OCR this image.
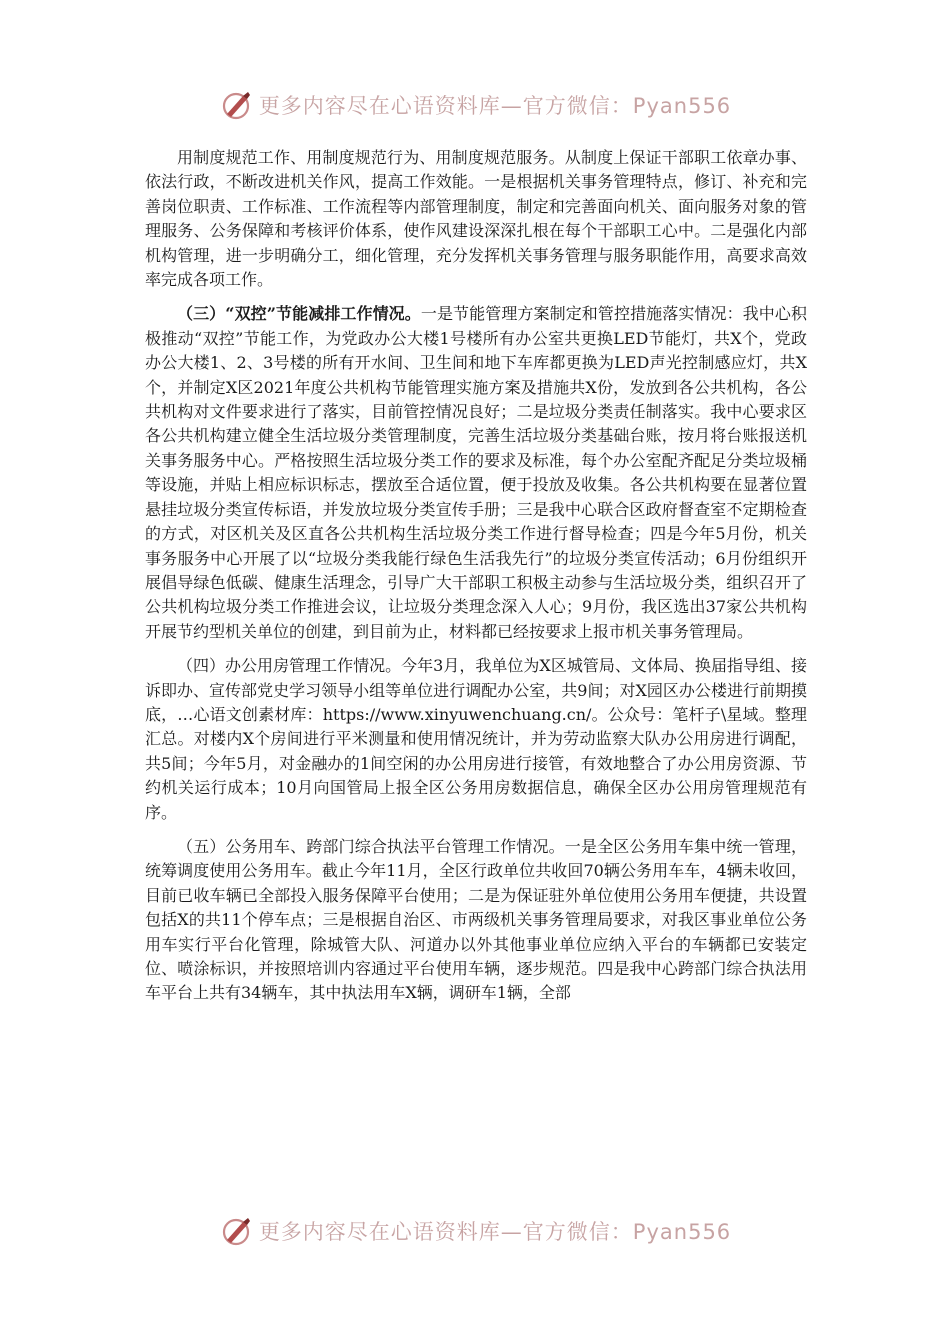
更多内容尽在心语资料库—官方微信：Pyan556

用制度规范工作、用制度规范行为、用制度规范服务。从制度上保证干部职工依章办事、依法行政，不断改进机关作风，提高工作效能。一是根据机关事务管理特点，修订、补充和完善岗位职责、工作标准、工作流程等内部管理制度，制定和完善面向机关、面向服务对象的管理服务、公务保障和考核评价体系，使作风建设深深扎根在每个干部职工心中。二是强化内部机构管理，进一步明确分工，细化管理，充分发挥机关事务管理与服务职能作用，高要求高效率完成各项工作。

（三）“双控”节能减排工作情况。一是节能管理方案制定和管控措施落实情况：我中心积极推动“双控”节能工作，为党政办公大楼1号楼所有办公室共更换LED节能灯，共X个，党政办公大楼1、2、3号楼的所有开水间、卫生间和地下车库都更换为LED声光控制感应灯，共X个，并制定X区2021年度公共机构节能管理实施方案及措施共X份，发放到各公共机构，各公共机构对文件要求进行了落实，目前管控情况良好；二是垃圾分类责任制落实。我中心要求区各公共机构建立健全生活垃圾分类管理制度，完善生活垃圾分类基础台账，按月将台账报送机关事务服务中心。严格按照生活垃圾分类工作的要求及标准，每个办公室配齐配足分类垃圾桶等设施，并贴上相应标识标志，摆放至合适位置，便于投放及收集。各公共机构要在显著位置悬挂垃圾分类宣传标语，并发放垃圾分类宣传手册；三是我中心联合区政府督查室不定期检查的方式，对区机关及区直各公共机构生活垃圾分类工作进行督导检查；四是今年5月份，机关事务服务中心开展了以“垃圾分类我能行绿色生活我先行”的垃圾分类宣传活动；6月份组织开展倡导绿色低碳、健康生活理念，引导广大干部职工积极主动参与生活垃圾分类，组织召开了公共机构垃圾分类工作推进会议，让垃圾分类理念深入人心；9月份，我区选出37家公共机构开展节约型机关单位的创建，到目前为止，材料都已经按要求上报市机关事务管理局。

（四）办公用房管理工作情况。今年3月，我单位为X区城管局、文体局、换届指导组、接诉即办、宣传部党史学习领导小组等单位进行调配办公室，共9间；对X园区办公楼进行前期摸底，…心语文创素材库：https://www.xinyuwenchuang.cn/。公众号：笔杆子\星域。整理汇总。对楼内X个房间进行平米测量和使用情况统计，并为劳动监察大队办公用房进行调配，共5间；今年5月，对金融办的1间空闲的办公用房进行接管，有效地整合了办公用房资源、节约机关运行成本；10月向国管局上报全区公务用房数据信息，确保全区办公用房管理规范有序。

（五）公务用车、跨部门综合执法平台管理工作情况。一是全区公务用车集中统一管理，统筹调度使用公务用车。截止今年11月，全区行政单位共收回70辆公务用车车，4辆未收回，目前已收车辆已全部投入服务保障平台使用；二是为保证驻外单位使用公务用车便捷，共设置包括X的共11个停车点；三是根据自治区、市两级机关事务管理局要求，对我区事业单位公务用车实行平台化管理，除城管大队、河道办以外其他事业单位应纳入平台的车辆都已安装定位、喷涂标识，并按照培训内容通过平台使用车辆，逐步规范。四是我中心跨部门综合执法用车平台上共有34辆车，其中执法用车X辆，调研车1辆，全部

更多内容尽在心语资料库—官方微信：Pyan556
